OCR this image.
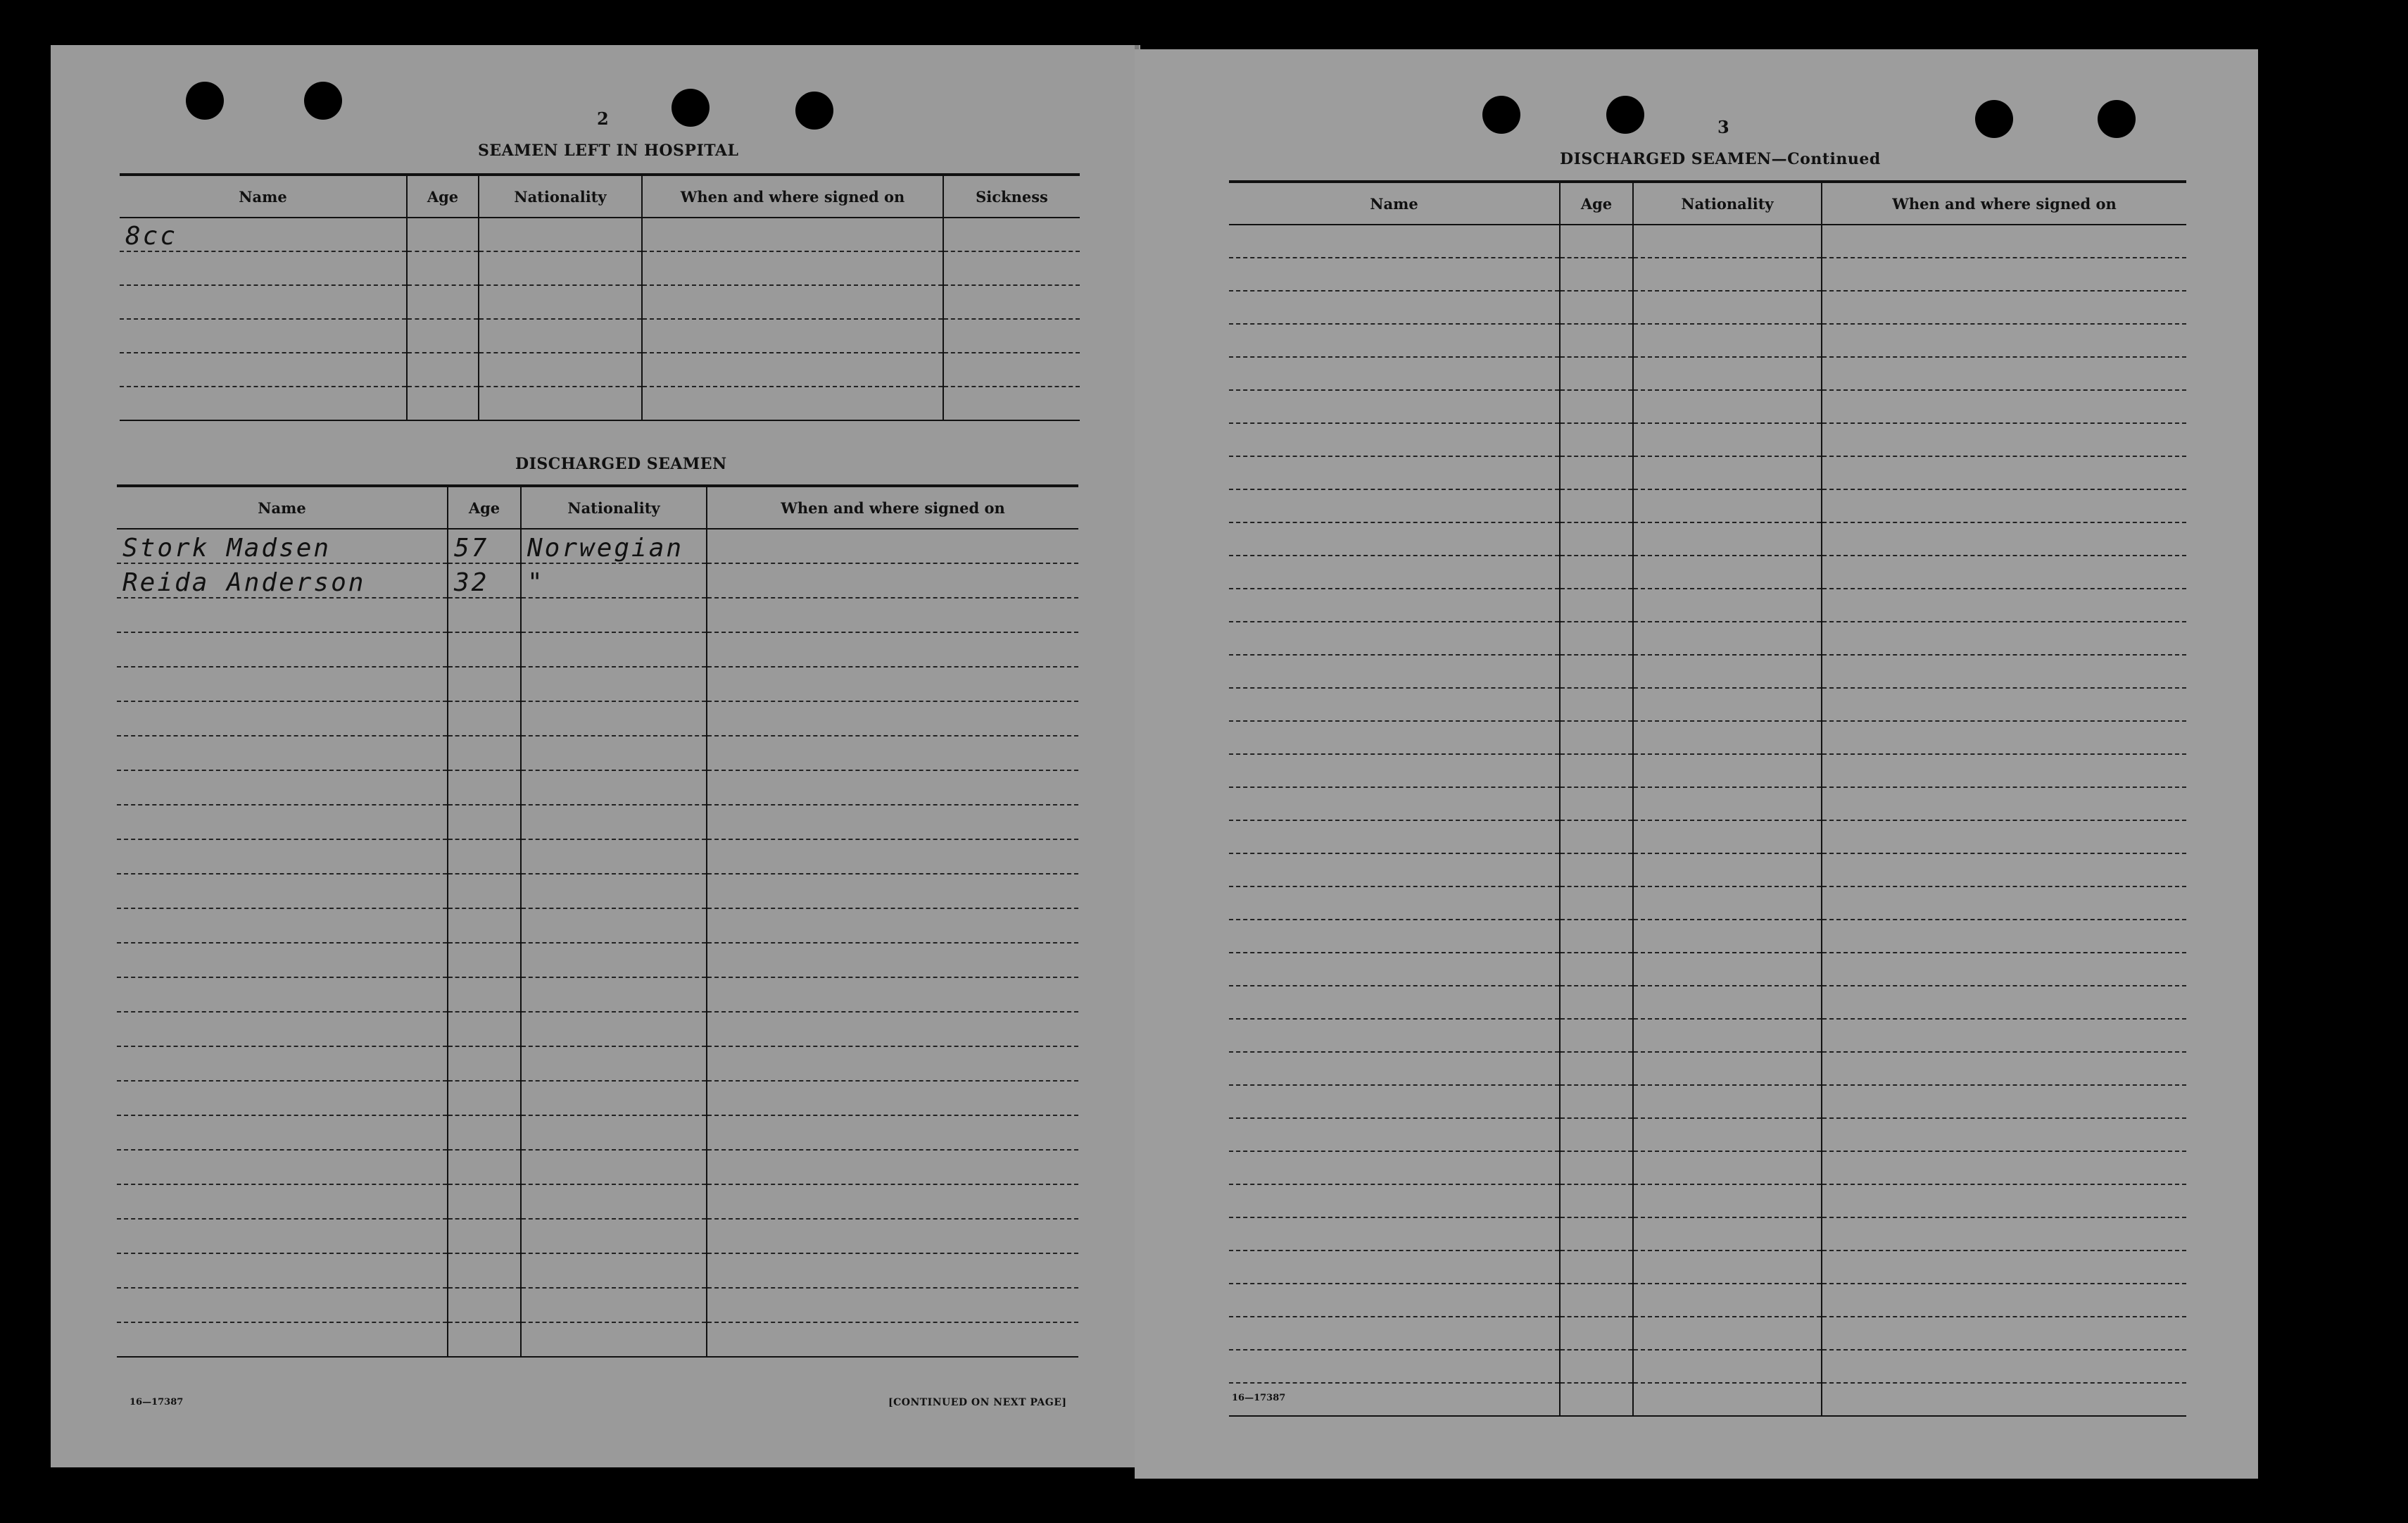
2
SEAMEN LEFT IN HOSPITAL
Name	Age	Nationality	When and where signed on	Sickness
8cc				

DISCHARGED SEAMEN
Name	Age	Nationality	When and where signed on
Stork Madsen	57	Norwegian	
Reida Anderson	32	"	

16—17387	[CONTINUED ON NEXT PAGE]
3
DISCHARGED SEAMEN—Continued
Name	Age	Nationality	When and where signed on

16—17387
